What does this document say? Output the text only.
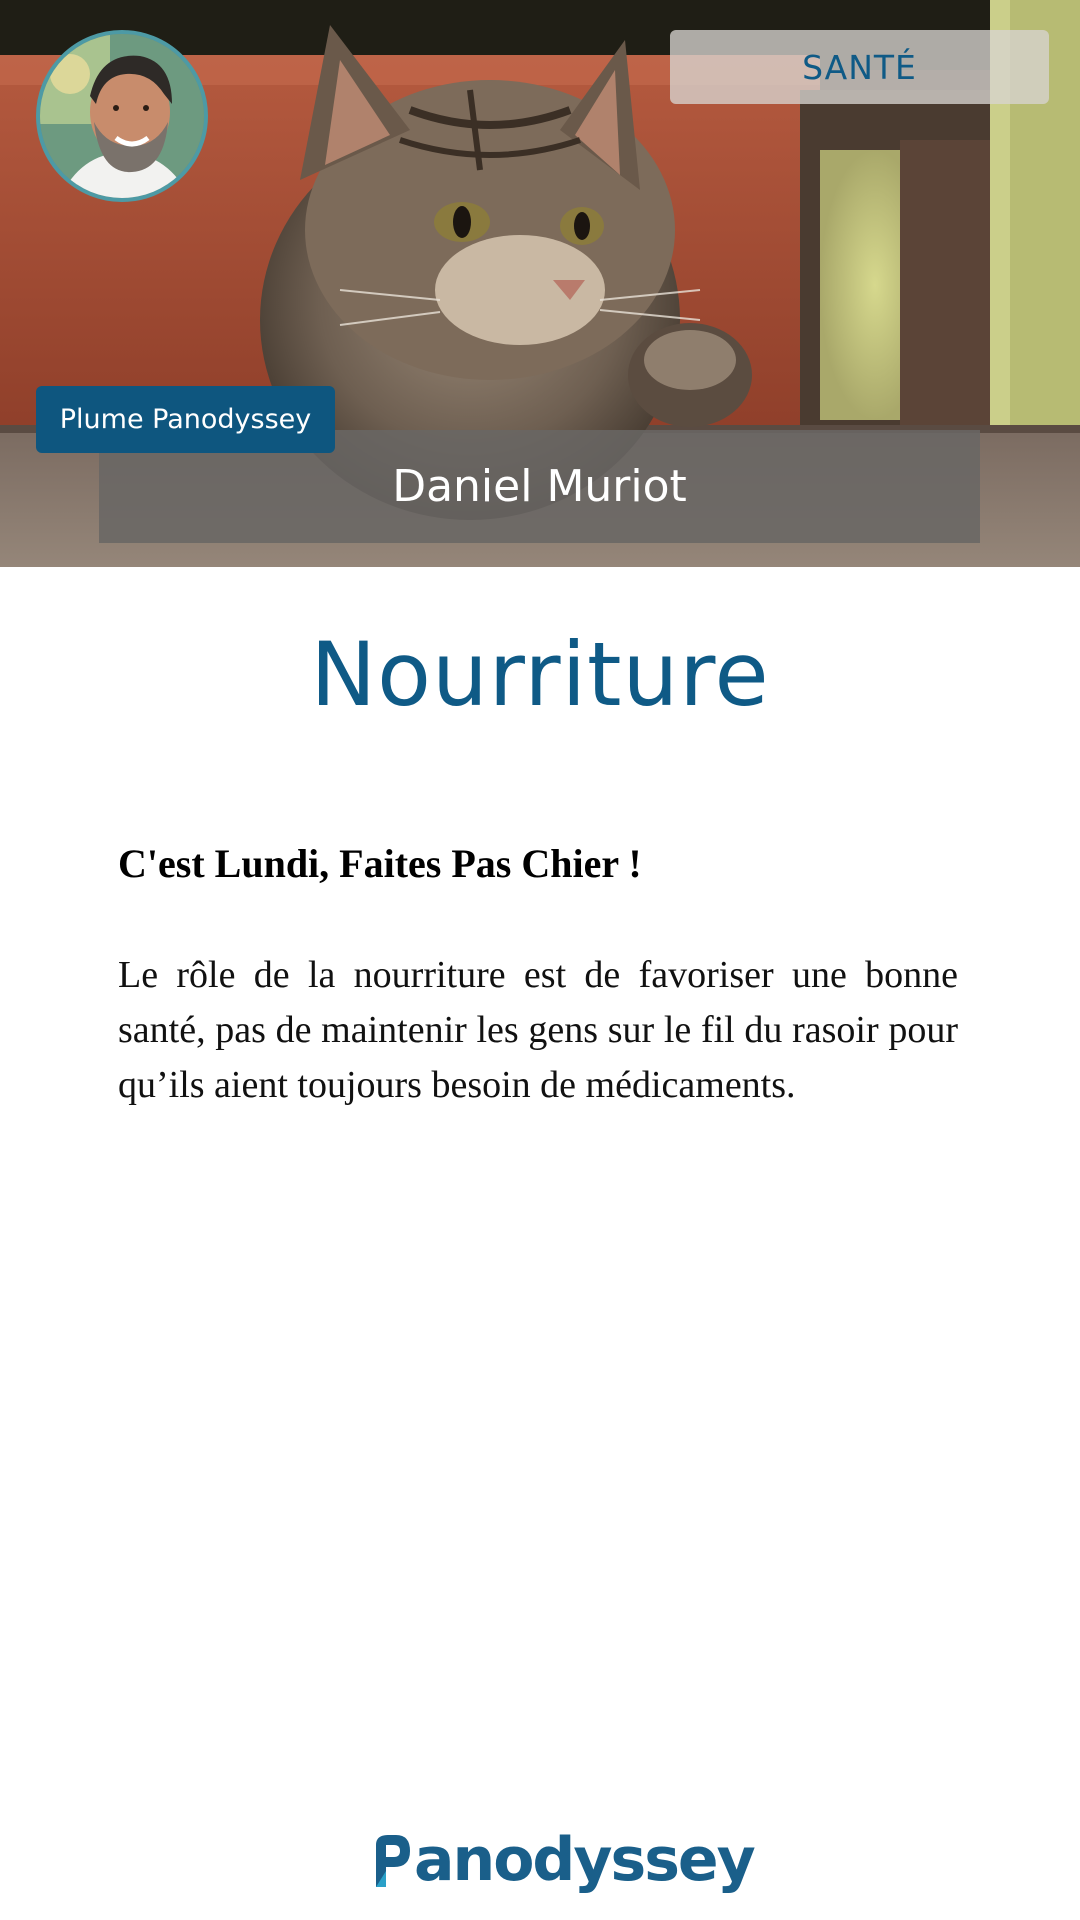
SANTÉ
Plume Panodyssey
Daniel Muriot
Nourriture
C'est Lundi, Faites Pas Chier !
Le rôle de la nourriture est de favoriser une bonne santé, pas de maintenir les gens sur le fil du rasoir pour qu’ils aient toujours besoin de médicaments.
anodyssey
